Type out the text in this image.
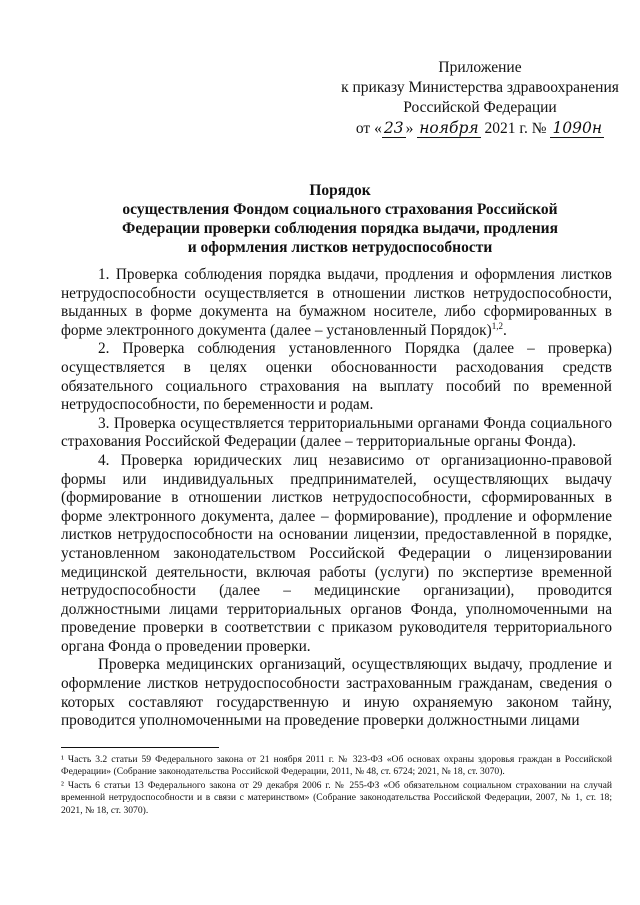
Приложение
к приказу Министерства здравоохранения
Российской Федерации
от « 23 » ноября 2021 г. № 1090н
Порядок
осуществления Фондом социального страхования Российской
Федерации проверки соблюдения порядка выдачи, продления
и оформления листков нетрудоспособности

1. Проверка соблюдения порядка выдачи, продления и оформления листков нетрудоспособности осуществляется в отношении листков нетрудоспособности, выданных в форме документа на бумажном носителе, либо сформированных в форме электронного документа (далее – установленный Порядок)$^{1,2}$.

2. Проверка соблюдения установленного Порядка (далее – проверка) осуществляется в целях оценки обоснованности расходования средств обязательного социального страхования на выплату пособий по временной нетрудоспособности, по беременности и родам.

3. Проверка осуществляется территориальными органами Фонда социального страхования Российской Федерации (далее – территориальные органы Фонда).

4. Проверка юридических лиц независимо от организационно-правовой формы или индивидуальных предпринимателей, осуществляющих выдачу (формирование в отношении листков нетрудоспособности, сформированных в форме электронного документа, далее – формирование), продление и оформление листков нетрудоспособности на основании лицензии, предоставленной в порядке, установленном законодательством Российской Федерации о лицензировании медицинской деятельности, включая работы (услуги) по экспертизе временной нетрудоспособности (далее – медицинские организации), проводится должностными лицами территориальных органов Фонда, уполномоченными на проведение проверки в соответствии с приказом руководителя территориального органа Фонда о проведении проверки.

Проверка медицинских организаций, осуществляющих выдачу, продление и оформление листков нетрудоспособности застрахованным гражданам, сведения о которых составляют государственную и иную охраняемую законом тайну, проводится уполномоченными на проведение проверки должностными лицами

¹ Часть 3.2 статьи 59 Федерального закона от 21 ноября 2011 г. № 323-ФЗ «Об основах охраны здоровья граждан в Российской Федерации» (Собрание законодательства Российской Федерации, 2011, № 48, ст. 6724; 2021, № 18, ст. 3070).

² Часть 6 статьи 13 Федерального закона от 29 декабря 2006 г. № 255-ФЗ «Об обязательном социальном страховании на случай временной нетрудоспособности и в связи с материнством» (Собрание законодательства Российской Федерации, 2007, № 1, ст. 18; 2021, № 18, ст. 3070).
